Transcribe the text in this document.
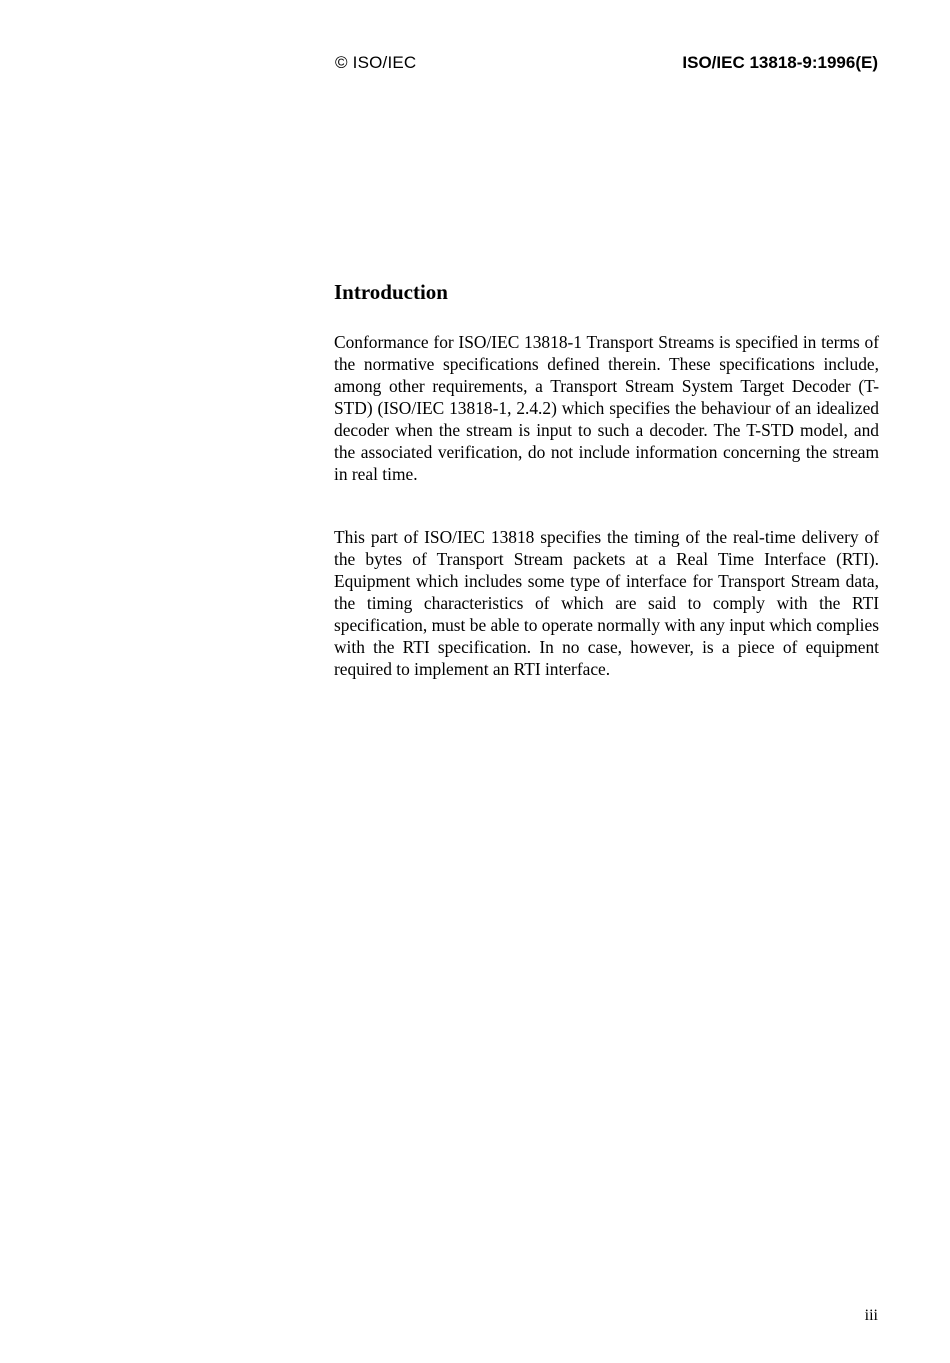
© ISO/IEC	ISO/IEC 13818-9:1996(E)
Introduction

Conformance for ISO/IEC 13818-1 Transport Streams is specified in terms of the normative specifications defined therein. These specifications include, among other requirements, a Transport Stream System Target Decoder (T-STD) (ISO/IEC 13818-1, 2.4.2) which specifies the behaviour of an idealized decoder when the stream is input to such a decoder. The T-STD model, and the associated verification, do not include information concerning the stream in real time.

This part of ISO/IEC 13818 specifies the timing of the real-time delivery of the bytes of Transport Stream packets at a Real Time Interface (RTI). Equipment which includes some type of interface for Transport Stream data, the timing characteristics of which are said to comply with the RTI specification, must be able to operate normally with any input which complies with the RTI specification. In no case, however, is a piece of equipment required to implement an RTI interface.

iii
